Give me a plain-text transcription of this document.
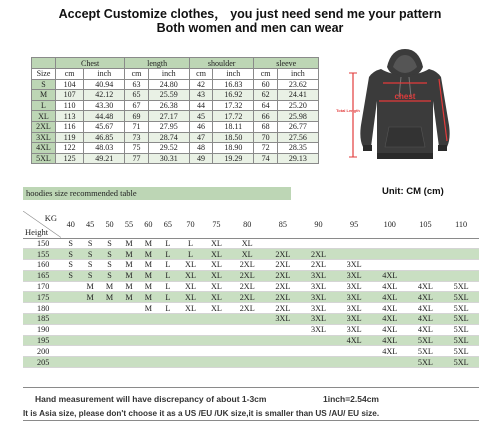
Accept Customize clothes， you just need send me your pattern
Both women and men can wear
	Chest		length		shoulder		sleeve	
Size	cm	inch	cm	inch	cm	inch	cm	inch
S	104	40.94	63	24.80	42	16.83	60	23.62
M	107	42.12	65	25.59	43	16.92	62	24.41
L	110	43.30	67	26.38	44	17.32	64	25.20
XL	113	44.48	69	27.17	45	17.72	66	25.98
2XL	116	45.67	71	27.95	46	18.11	68	26.77
3XL	119	46.85	73	28.74	47	18.50	70	27.56
4XL	122	48.03	75	29.52	48	18.90	72	28.35
5XL	125	49.21	77	30.31	49	19.29	74	29.13
chest
Total Length
hoodies size recommended table	Unit: CM (cm)
KG
Height	40	45	50	55	60	65	70	75	80	85	90	95	100	105	110
150	S	S	S	M	M	L	L	XL	XL						
155	S	S	S	M	M	L	L	XL	XL	2XL	2XL				
160	S	S	S	M	M	L	XL	XL	2XL	2XL	2XL	3XL			
165	S	S	S	M	M	L	XL	XL	2XL	2XL	3XL	3XL	4XL		
170		M	M	M	M	L	XL	XL	2XL	2XL	3XL	3XL	4XL	4XL	5XL
175		M	M	M	M	L	XL	XL	2XL	2XL	3XL	3XL	4XL	4XL	5XL
180					M	L	XL	XL	2XL	2XL	3XL	3XL	4XL	4XL	5XL
185										3XL	3XL	3XL	4XL	4XL	5XL
190											3XL	3XL	4XL	4XL	5XL
195												4XL	4XL	5XL	5XL
200													4XL	5XL	5XL
205														5XL	5XL
Hand measurement will have discrepancy of about 1-3cm	1inch=2.54cm
It is Asia size, please don't choose it as a US /EU /UK size,it is smaller than US /AU/ EU size.
